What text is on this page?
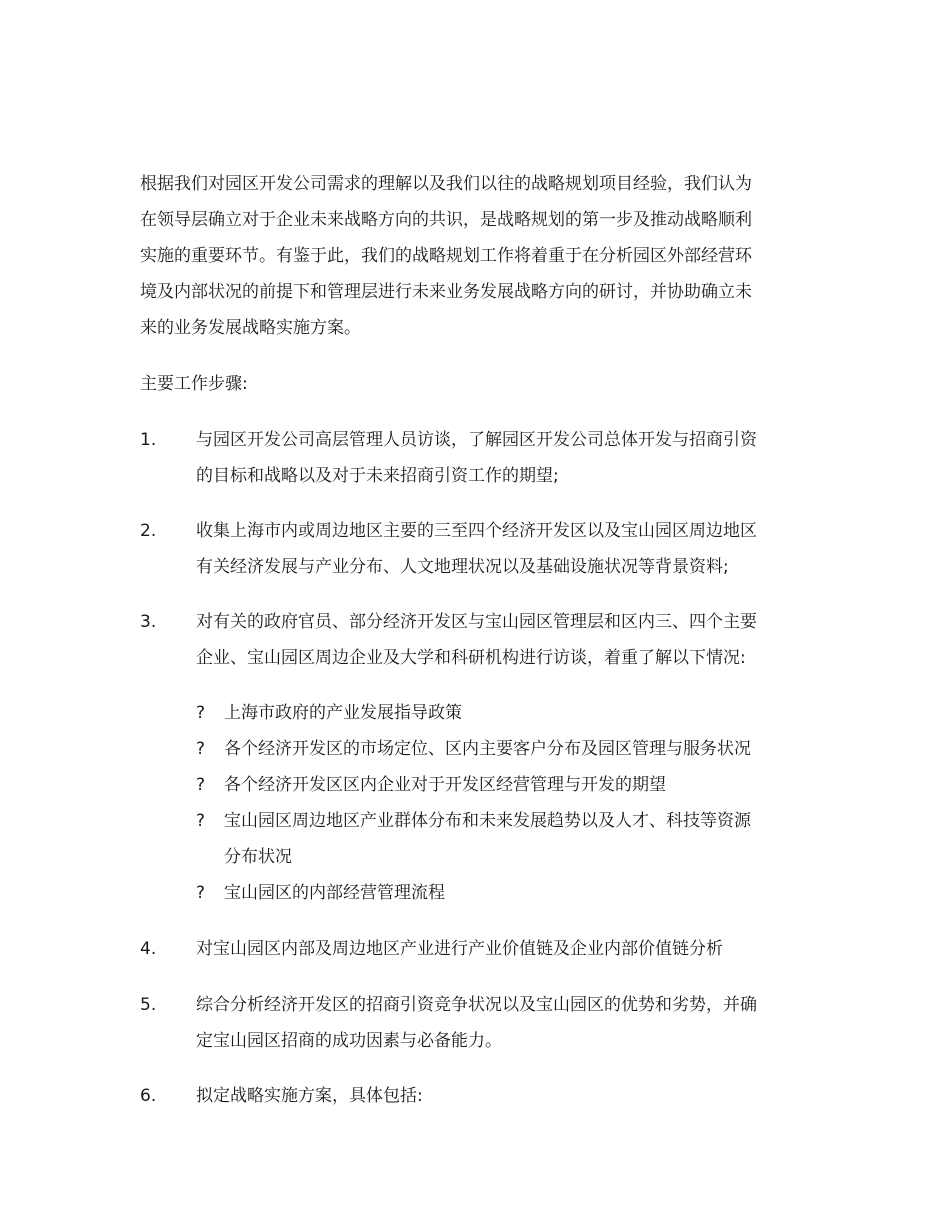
根据我们对园区开发公司需求的理解以及我们以往的战略规划项目经验，我们认为

在领导层确立对于企业未来战略方向的共识，是战略规划的第一步及推动战略顺利

实施的重要环节。有鉴于此，我们的战略规划工作将着重于在分析园区外部经营环

境及内部状况的前提下和管理层进行未来业务发展战略方向的研讨，并协助确立未

来的业务发展战略实施方案。

主要工作步骤:

1.	与园区开发公司高层管理人员访谈，了解园区开发公司总体开发与招商引资
的目标和战略以及对于未来招商引资工作的期望;
2.	收集上海市内或周边地区主要的三至四个经济开发区以及宝山园区周边地区
有关经济发展与产业分布、人文地理状况以及基础设施状况等背景资料;
3.	对有关的政府官员、部分经济开发区与宝山园区管理层和区内三、四个主要
企业、宝山园区周边企业及大学和科研机构进行访谈，着重了解以下情况:
? 上海市政府的产业发展指导政策
? 各个经济开发区的市场定位、区内主要客户分布及园区管理与服务状况
? 各个经济开发区区内企业对于开发区经营管理与开发的期望
? 宝山园区周边地区产业群体分布和未来发展趋势以及人才、科技等资源
分布状况
? 宝山园区的内部经营管理流程
4.	对宝山园区内部及周边地区产业进行产业价值链及企业内部价值链分析
5.	综合分析经济开发区的招商引资竞争状况以及宝山园区的优势和劣势，并确
定宝山园区招商的成功因素与必备能力。
6.	拟定战略实施方案，具体包括:
